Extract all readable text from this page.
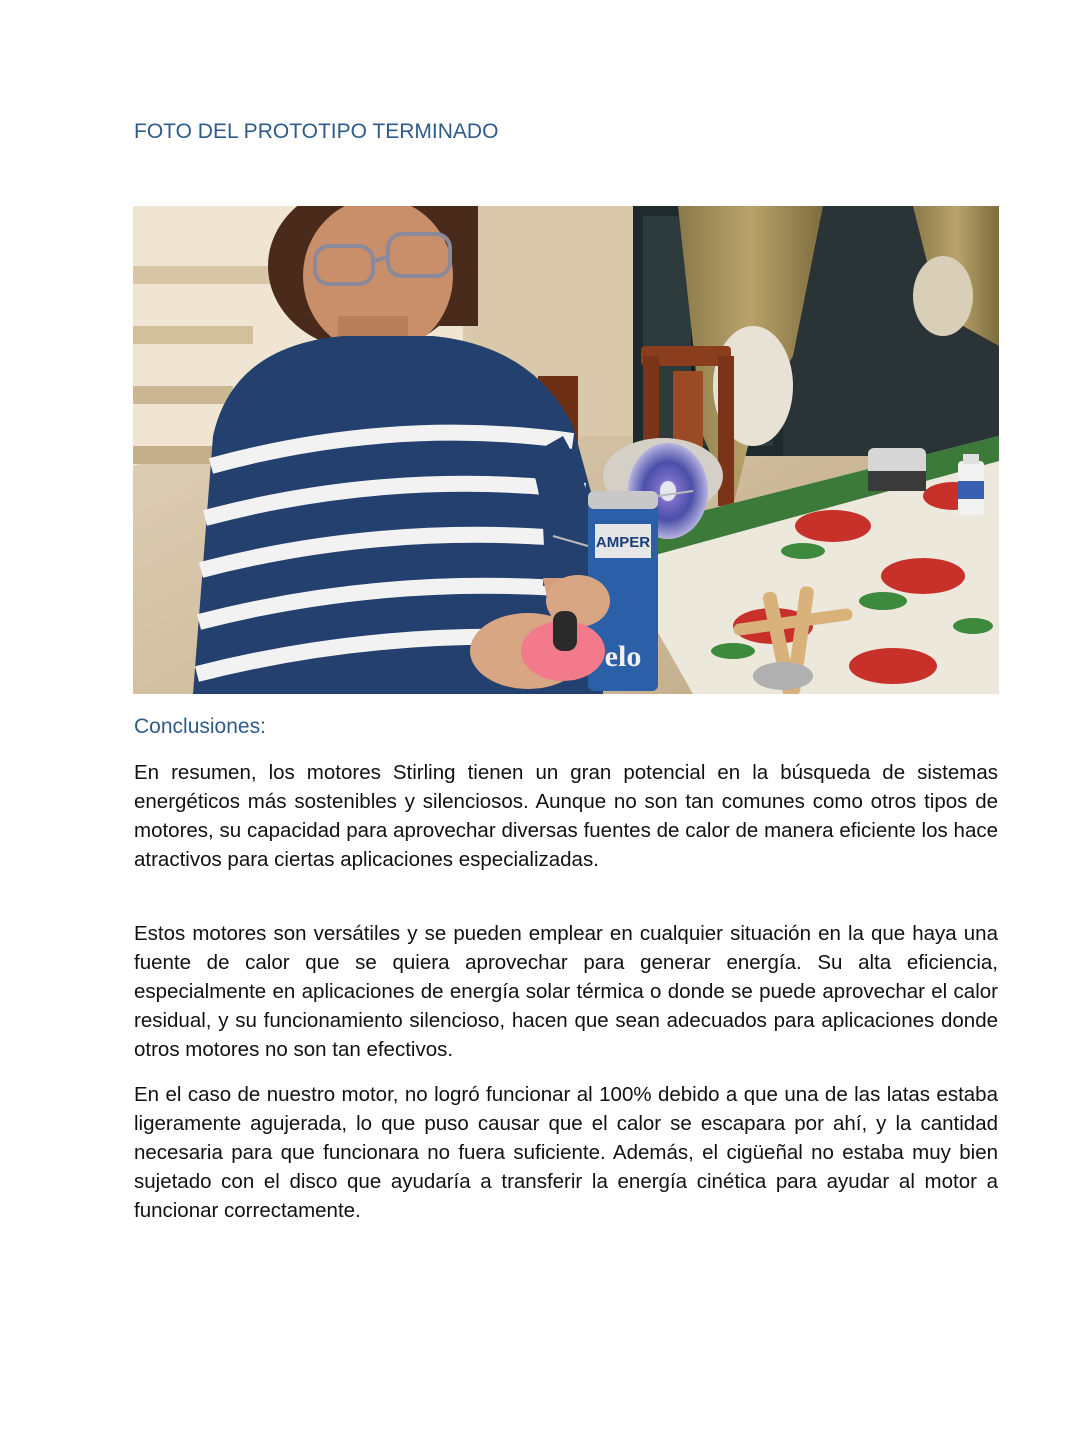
FOTO DEL PROTOTIPO TERMINADO
AMPER
elo
Conclusiones:

En resumen, los motores Stirling tienen un gran potencial en la búsqueda de sistemas energéticos más sostenibles y silenciosos. Aunque no son tan comunes como otros tipos de motores, su capacidad para aprovechar diversas fuentes de calor de manera eficiente los hace atractivos para ciertas aplicaciones especializadas.

Estos motores son versátiles y se pueden emplear en cualquier situación en la que haya una fuente de calor que se quiera aprovechar para generar energía. Su alta eficiencia, especialmente en aplicaciones de energía solar térmica o donde se puede aprovechar el calor residual, y su funcionamiento silencioso, hacen que sean adecuados para aplicaciones donde otros motores no son tan efectivos.

En el caso de nuestro motor, no logró funcionar al 100% debido a que una de las latas estaba ligeramente agujerada, lo que puso causar que el calor se escapara por ahí, y la cantidad necesaria para que funcionara no fuera suficiente. Además, el cigüeñal no estaba muy bien sujetado con el disco que ayudaría a transferir la energía cinética para ayudar al motor a funcionar correctamente.
